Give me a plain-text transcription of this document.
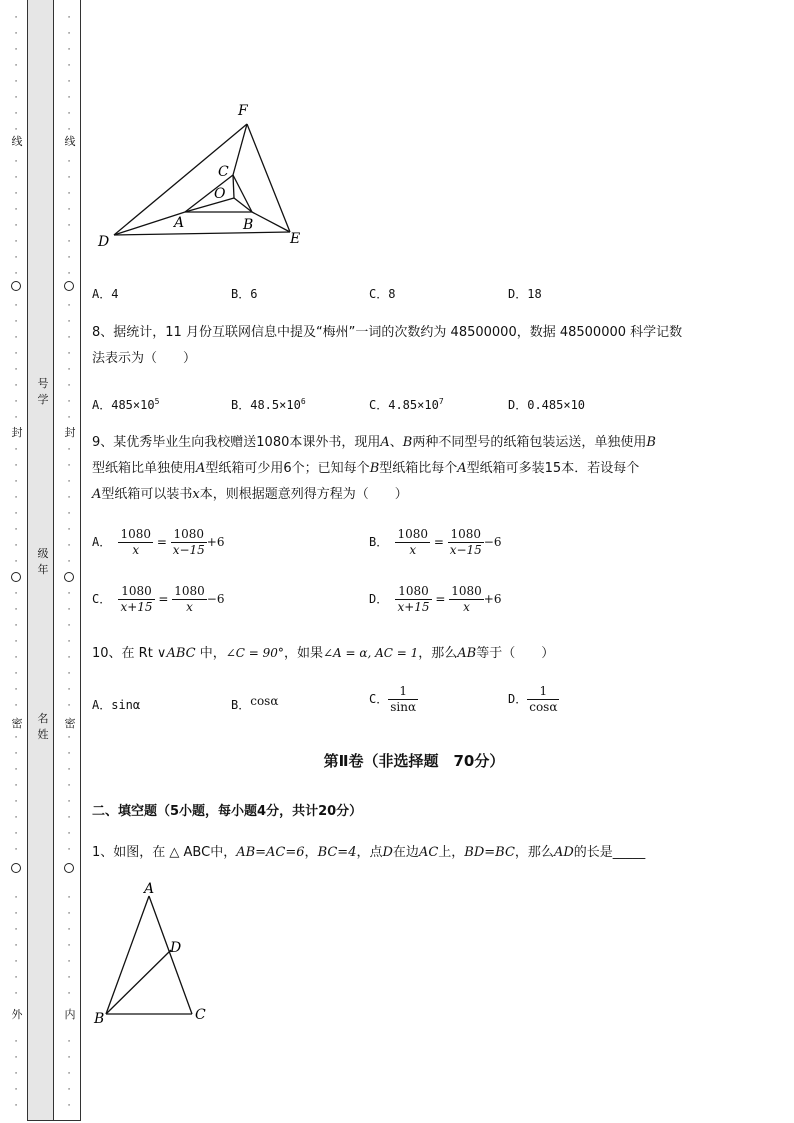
·
·
·
·
·
·
·
·
·
·
·
·
·
·
·
·
·
·
·
·
·
·
·
·
·
·
·
·
·
·
·
·
·
·
·
·
·
·
·
·
·
·
·
·
·
·
·
·
·
·
·
·
·
·
·
·
·
·
·
·
·
·
·
·
·
·
·
·
·
·
·
·
·
·
·
·
·
·
·
·
·
·
·
·
·
·
·
·
·
·
·
·
·
·
·
·
·
·
·
·
·
·
·
·
·
·
·
·
·
·
·
·
·
·
·
·
·
·
·
·
线
封
密
外
线
封
密
内
号学
级年
名姓
F
C
O
A	B
D	E
A．4	B．6	C．8	D．18
8、据统计，11 月份互联网信息中提及“梅州”一词的次数约为 48500000，数据 48500000 科学记数
法表示为（　　）
A．$485\times 10^5$	B．$48.5\times 10^6$	C．$4.85\times 10^7$	D．0.485×10
9、某优秀毕业生向我校赠送1080本课外书，现用A、B两种不同型号的纸箱包装运送，单独使用B
型纸箱比单独使用A型纸箱可少用6个；已知每个B型纸箱比每个A型纸箱可多装15本．若设每个
A型纸箱可以装书x本，则根据题意列得方程为（　　）
A． $\frac{1080}{x} = \frac{1080}{x-15} +6$	B． $\frac{1080}{x} = \frac{1080}{x-15} -6$
C． $\frac{1080}{x+15} = \frac{1080}{x} -6$	D． $\frac{1080}{x+15} = \frac{1080}{x} +6$
10、在 Rt ∨ABC 中，∠C = 90°，如果∠A = α, AC = 1，那么AB等于（　　）
A．sinα	B．cosα	C． $\frac{1}{\sin\alpha}$	D． $\frac{1}{\cos\alpha}$
第Ⅱ卷（非选择题　70分）
二、填空题（5小题，每小题4分，共计20分）
1、如图，在 △ ABC中，AB=AC=6，BC=4，点D在边AC上，BD=BC，那么AD的长是_____
A
D
B	C
